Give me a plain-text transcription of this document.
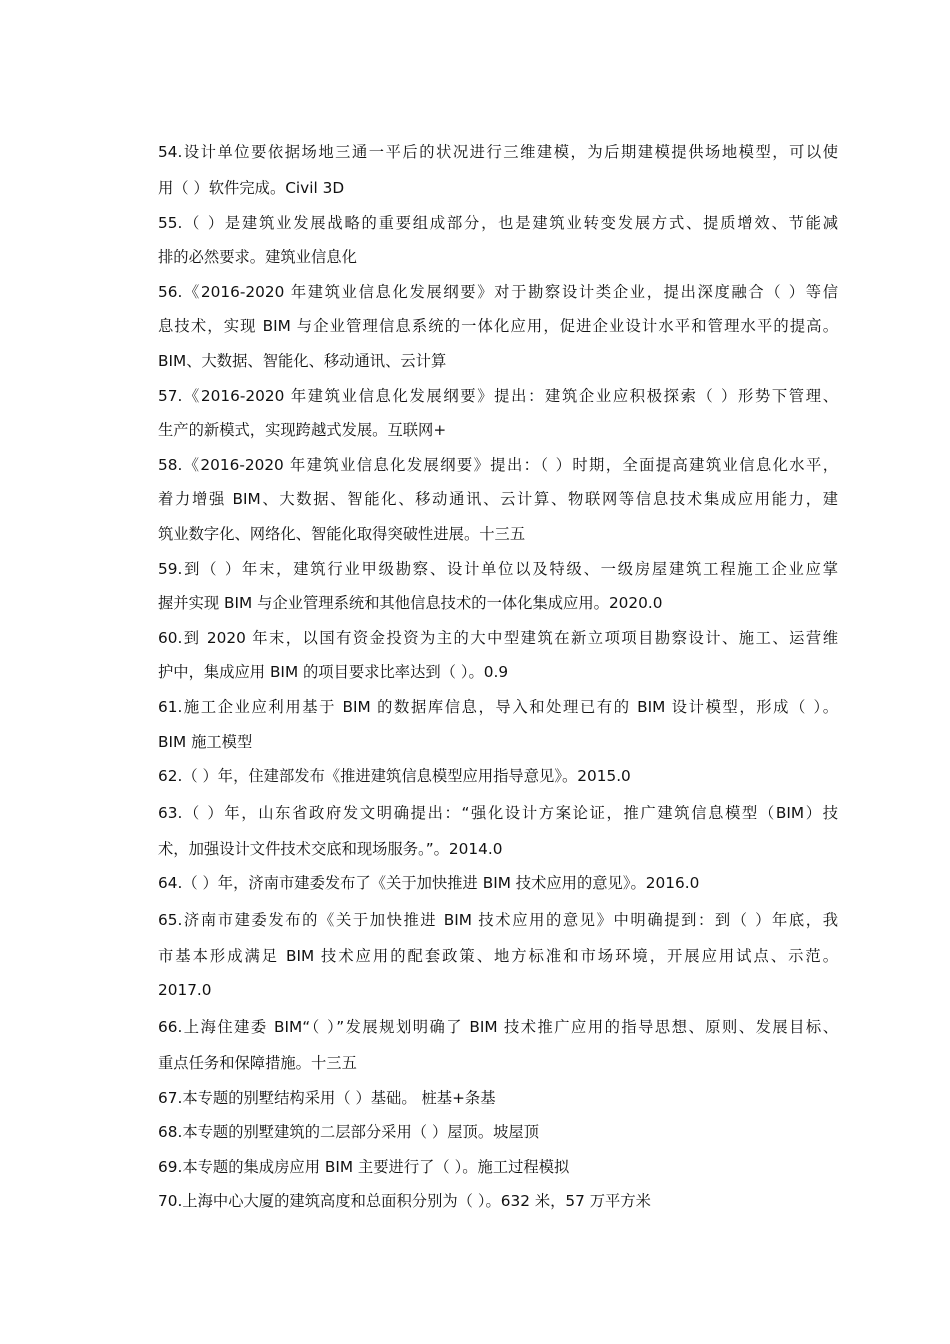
54.设计单位要依据场地三通一平后的状况进行三维建模，为后期建模提供场地模型，可以使
用（ ）软件完成。Civil 3D
55.（ ）是建筑业发展战略的重要组成部分，也是建筑业转变发展方式、提质增效、节能减
排的必然要求。建筑业信息化
56.《2016-2020 年建筑业信息化发展纲要》对于勘察设计类企业，提出深度融合（ ）等信
息技术，实现 BIM 与企业管理信息系统的一体化应用，促进企业设计水平和管理水平的提高。
BIM、大数据、智能化、移动通讯、云计算
57.《2016-2020 年建筑业信息化发展纲要》提出：建筑企业应积极探索（ ）形势下管理、
生产的新模式，实现跨越式发展。互联网+
58.《2016-2020 年建筑业信息化发展纲要》提出：（ ）时期，全面提高建筑业信息化水平，
着力增强 BIM、大数据、智能化、移动通讯、云计算、物联网等信息技术集成应用能力，建
筑业数字化、网络化、智能化取得突破性进展。十三五
59.到（ ）年末，建筑行业甲级勘察、设计单位以及特级、一级房屋建筑工程施工企业应掌
握并实现 BIM 与企业管理系统和其他信息技术的一体化集成应用。2020.0
60.到 2020 年末，以国有资金投资为主的大中型建筑在新立项项目勘察设计、施工、运营维
护中，集成应用 BIM 的项目要求比率达到（ ）。0.9
61.施工企业应利用基于 BIM 的数据库信息，导入和处理已有的 BIM 设计模型，形成（ ）。
BIM 施工模型
62.（ ）年，住建部发布《推进建筑信息模型应用指导意见》。2015.0
63.（ ）年，山东省政府发文明确提出：“强化设计方案论证，推广建筑信息模型（BIM）技
术，加强设计文件技术交底和现场服务。”。2014.0
64.（ ）年，济南市建委发布了《关于加快推进 BIM 技术应用的意见》。2016.0
65.济南市建委发布的《关于加快推进 BIM 技术应用的意见》中明确提到：到（ ）年底，我
市基本形成满足 BIM 技术应用的配套政策、地方标准和市场环境，开展应用试点、示范。
2017.0
66.上海住建委 BIM“（ ）”发展规划明确了 BIM 技术推广应用的指导思想、原则、发展目标、
重点任务和保障措施。十三五
67.本专题的别墅结构采用（ ）基础。 桩基+条基
68.本专题的别墅建筑的二层部分采用（ ）屋顶。坡屋顶
69.本专题的集成房应用 BIM 主要进行了（ ）。施工过程模拟
70.上海中心大厦的建筑高度和总面积分别为（ ）。632 米，57 万平方米
